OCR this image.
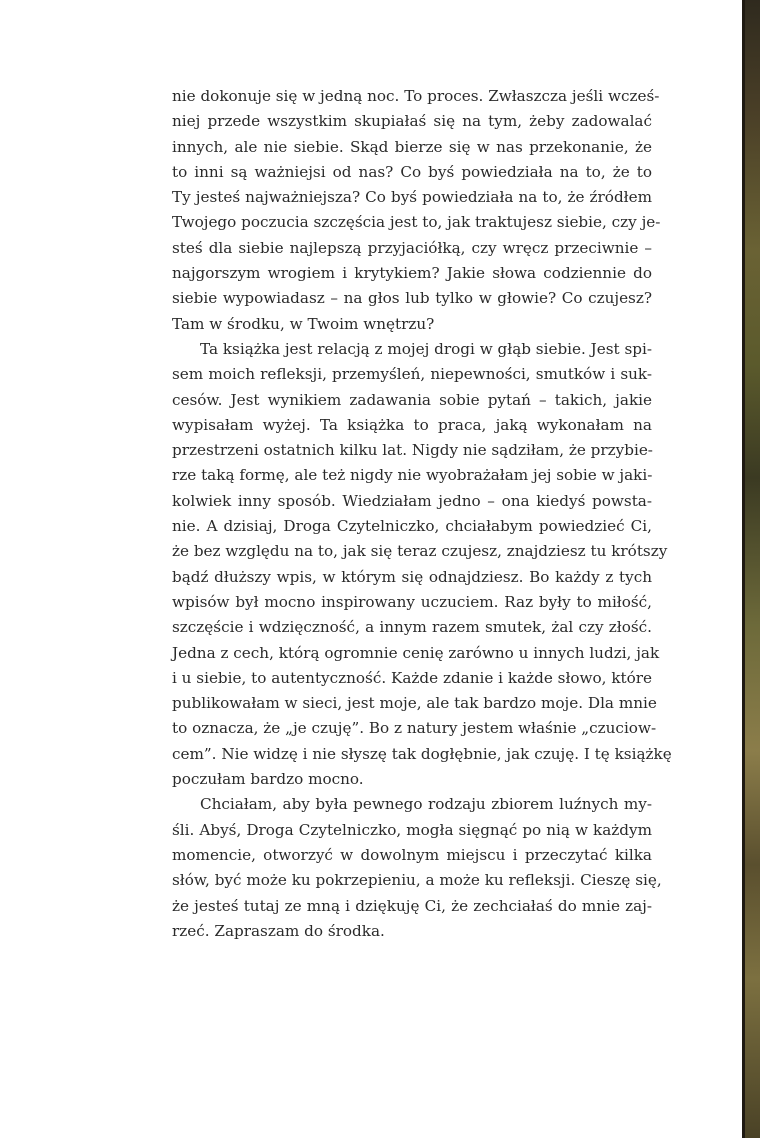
nie dokonuje się w jedną noc. To proces. Zwłaszcza jeśli wcześ-
niej przede wszystkim skupiałaś się na tym, żeby zadowalać
innych, ale nie siebie. Skąd bierze się w nas przekonanie, że
to inni są ważniejsi od nas? Co byś powiedziała na to, że to
Ty jesteś najważniejsza? Co byś powiedziała na to, że źródłem
Twojego poczucia szczęścia jest to, jak traktujesz siebie, czy je-
steś dla siebie najlepszą przyjaciółką, czy wręcz przeciwnie –
najgorszym wrogiem i krytykiem? Jakie słowa codziennie do
siebie wypowiadasz – na głos lub tylko w głowie? Co czujesz?
Tam w środku, w Twoim wnętrzu?
Ta książka jest relacją z mojej drogi w głąb siebie. Jest spi-
sem moich refleksji, przemyśleń, niepewności, smutków i suk-
cesów. Jest wynikiem zadawania sobie pytań – takich, jakie
wypisałam wyżej. Ta książka to praca, jaką wykonałam na
przestrzeni ostatnich kilku lat. Nigdy nie sądziłam, że przybie-
rze taką formę, ale też nigdy nie wyobrażałam jej sobie w jaki-
kolwiek inny sposób. Wiedziałam jedno – ona kiedyś powsta-
nie. A dzisiaj, Droga Czytelniczko, chciałabym powiedzieć Ci,
że bez względu na to, jak się teraz czujesz, znajdziesz tu krótszy
bądź dłuższy wpis, w którym się odnajdziesz. Bo każdy z tych
wpisów był mocno inspirowany uczuciem. Raz były to miłość,
szczęście i wdzięczność, a innym razem smutek, żal czy złość.
Jedna z cech, którą ogromnie cenię zarówno u innych ludzi, jak
i u siebie, to autentyczność. Każde zdanie i każde słowo, które
publikowałam w sieci, jest moje, ale tak bardzo moje. Dla mnie
to oznacza, że „je czuję”. Bo z natury jestem właśnie „czuciow-
cem”. Nie widzę i nie słyszę tak dogłębnie, jak czuję. I tę książkę
poczułam bardzo mocno.
Chciałam, aby była pewnego rodzaju zbiorem luźnych my-
śli. Abyś, Droga Czytelniczko, mogła sięgnąć po nią w każdym
momencie, otworzyć w dowolnym miejscu i przeczytać kilka
słów, być może ku pokrzepieniu, a może ku refleksji. Cieszę się,
że jesteś tutaj ze mną i dziękuję Ci, że zechciałaś do mnie zaj-
rzeć. Zapraszam do środka.
